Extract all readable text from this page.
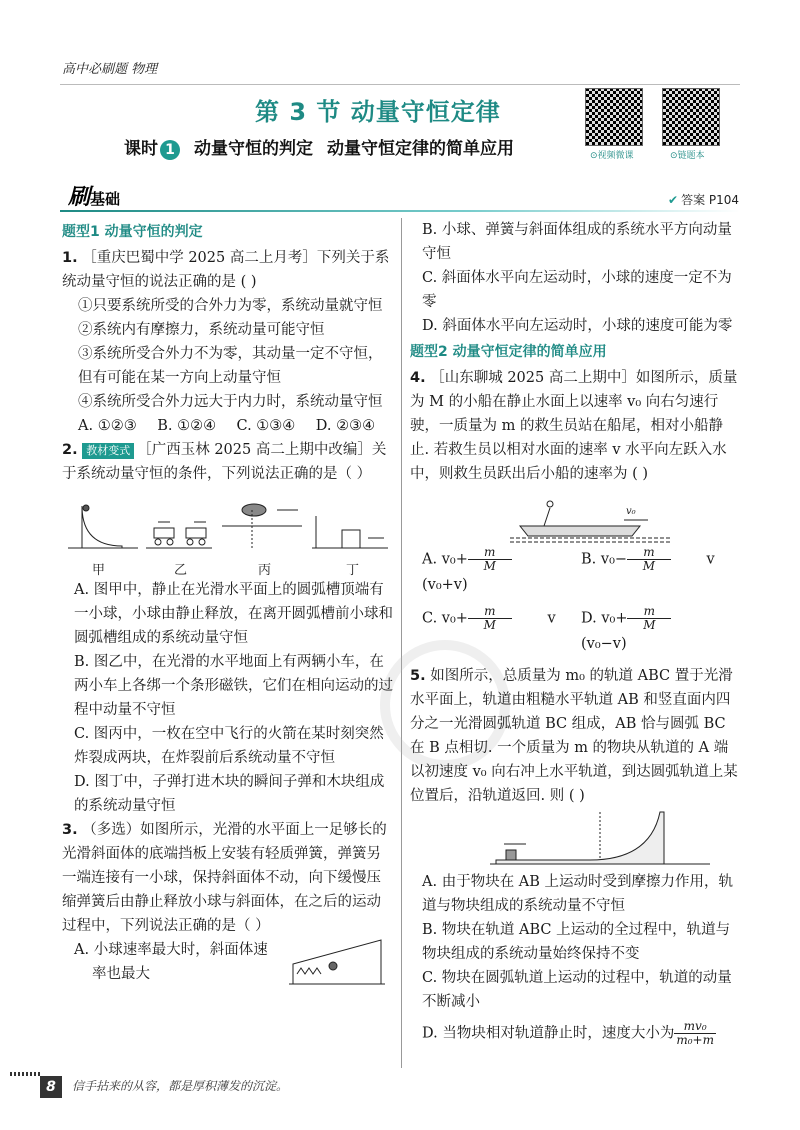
高中必刷题 物理
第 3 节 动量守恒定律
课时 1 动量守恒的判定 动量守恒定律的简单应用	⊙视频微课	⊙链题本
刷基础	✔ 答案 P104
题型1 动量守恒的判定

1. ［重庆巴蜀中学 2025 高二上月考］下列关于系统动量守恒的说法正确的是 ( )

①只要系统所受的合外力为零，系统动量就守恒

②系统内有摩擦力，系统动量可能守恒

③系统所受合外力不为零，其动量一定不守恒，但有可能在某一方向上动量守恒

④系统所受合外力远大于内力时，系统动量守恒

A. ①②③	B. ①②④	C. ①③④	D. ②③④

2. 教材变式 ［广西玉林 2025 高二上期中改编］关于系统动量守恒的条件，下列说法正确的是（ ）

甲	乙	丙	丁

A. 图甲中，静止在光滑水平面上的圆弧槽顶端有一小球，小球由静止释放，在离开圆弧槽前小球和圆弧槽组成的系统动量守恒

B. 图乙中，在光滑的水平地面上有两辆小车，在两小车上各绑一个条形磁铁，它们在相向运动的过程中动量不守恒

C. 图丙中，一枚在空中飞行的火箭在某时刻突然炸裂成两块，在炸裂前后系统动量不守恒

D. 图丁中，子弹打进木块的瞬间子弹和木块组成的系统动量守恒

3. （多选）如图所示，光滑的水平面上一足够长的光滑斜面体的底端挡板上安装有轻质弹簧，弹簧另一端连接有一小球，保持斜面体不动，向下缓慢压缩弹簧后由静止释放小球与斜面体，在之后的运动过程中，下列说法正确的是（ ）

A. 小球速率最大时，斜面体速
率也最大

B. 小球、弹簧与斜面体组成的系统水平方向动量守恒

C. 斜面体水平向左运动时，小球的速度一定不为零

D. 斜面体水平向左运动时，小球的速度可能为零

题型2 动量守恒定律的简单应用

4. ［山东聊城 2025 高二上期中］如图所示，质量为 M 的小船在静止水面上以速率 v₀ 向右匀速行驶，一质量为 m 的救生员站在船尾，相对小船静止. 若救生员以相对水面的速率 v 水平向左跃入水中，则救生员跃出后小船的速率为 ( )

v₀
A. $v_0+ \frac{m}{M}$
(v₀+v)
B. $v_0- \frac{m}{M}$ v
C. $v_0+ \frac{m}{M}$ v	D. $v_0+ \frac{m}{M}$
(v₀−v)

5. 如图所示，总质量为 m₀ 的轨道 ABC 置于光滑水平面上，轨道由粗糙水平轨道 AB 和竖直面内四分之一光滑圆弧轨道 BC 组成，AB 恰与圆弧 BC 在 B 点相切. 一个质量为 m 的物块从轨道的 A 端以初速度 v₀ 向右冲上水平轨道，到达圆弧轨道上某位置后，沿轨道返回. 则 ( )

A. 由于物块在 AB 上运动时受到摩擦力作用，轨道与物块组成的系统动量不守恒

B. 物块在轨道 ABC 上运动的全过程中，轨道与物块组成的系统动量始终保持不变

C. 物块在圆弧轨道上运动的过程中，轨道的动量不断减小

D. 当物块相对轨道静止时，速度大小为 $\frac{\text{mv₀}}{\text{m₀+m}}$

8	信手拈来的从容，都是厚积薄发的沉淀。
